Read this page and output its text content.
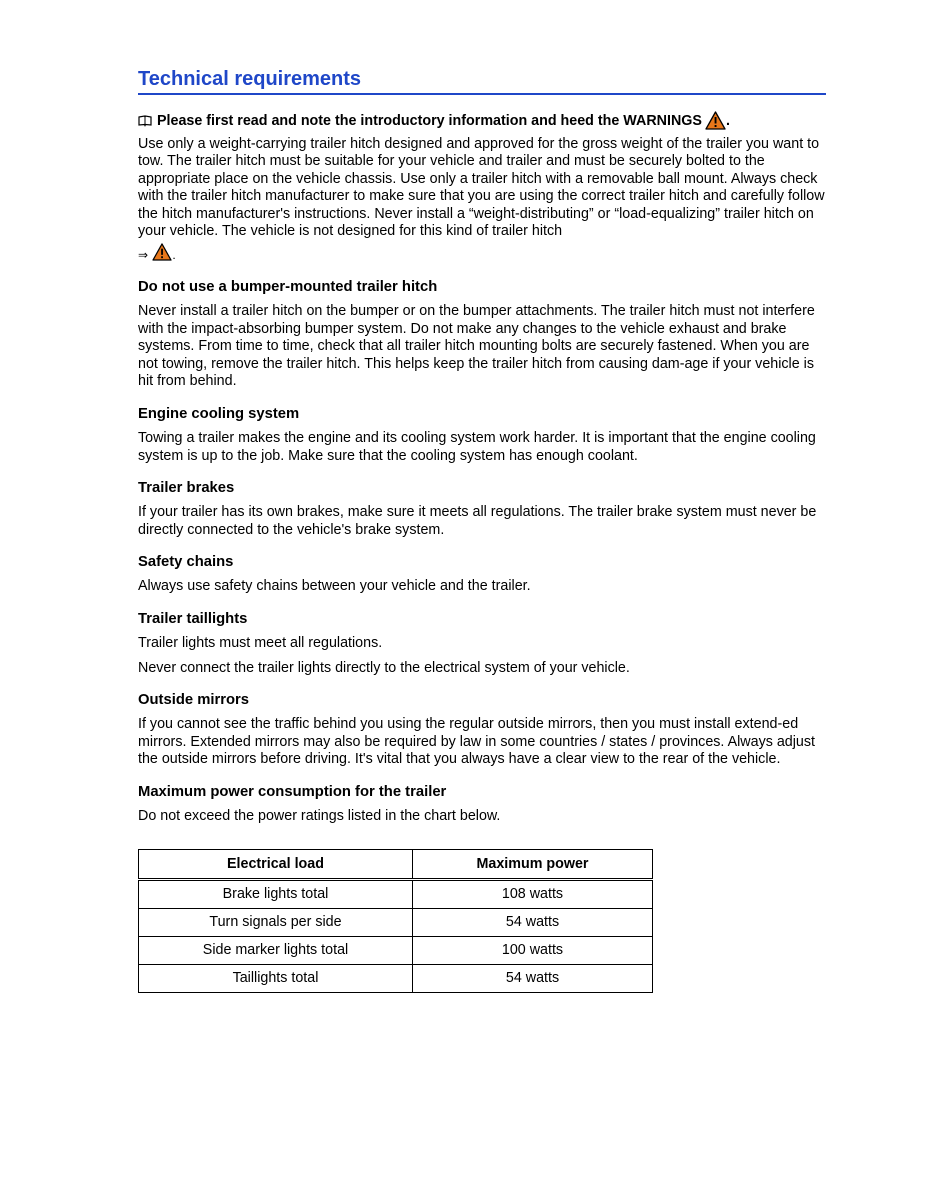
Technical requirements
Please first read and note the introductory information and heed the WARNINGS .

Use only a weight-carrying trailer hitch designed and approved for the gross weight of the trailer you want to tow. The trailer hitch must be suitable for your vehicle and trailer and must be securely bolted to the appropriate place on the vehicle chassis. Use only a trailer hitch with a removable ball mount. Always check with the trailer hitch manufacturer to make sure that you are using the correct trailer hitch and carefully follow the hitch manufacturer's instructions. Never install a “weight-distributing” or “load-equalizing” trailer hitch on your vehicle. The vehicle is not designed for this kind of trailer hitch

⇒ .
Do not use a bumper-mounted trailer hitch

Never install a trailer hitch on the bumper or on the bumper attachments. The trailer hitch must not interfere with the impact-absorbing bumper system. Do not make any changes to the vehicle exhaust and brake systems. From time to time, check that all trailer hitch mounting bolts are securely fastened. When you are not towing, remove the trailer hitch. This helps keep the trailer hitch from causing dam-age if your vehicle is hit from behind.

Engine cooling system

Towing a trailer makes the engine and its cooling system work harder. It is important that the engine cooling system is up to the job. Make sure that the cooling system has enough coolant.

Trailer brakes

If your trailer has its own brakes, make sure it meets all regulations. The trailer brake system must never be directly connected to the vehicle's brake system.

Safety chains

Always use safety chains between your vehicle and the trailer.

Trailer taillights

Trailer lights must meet all regulations.

Never connect the trailer lights directly to the electrical system of your vehicle.

Outside mirrors

If you cannot see the traffic behind you using the regular outside mirrors, then you must install extend-ed mirrors. Extended mirrors may also be required by law in some countries / states / provinces. Always adjust the outside mirrors before driving. It's vital that you always have a clear view to the rear of the vehicle.

Maximum power consumption for the trailer

Do not exceed the power ratings listed in the chart below.

Electrical load	Maximum power
Brake lights total	108 watts
Turn signals per side	54 watts
Side marker lights total	100 watts
Taillights total	54 watts
